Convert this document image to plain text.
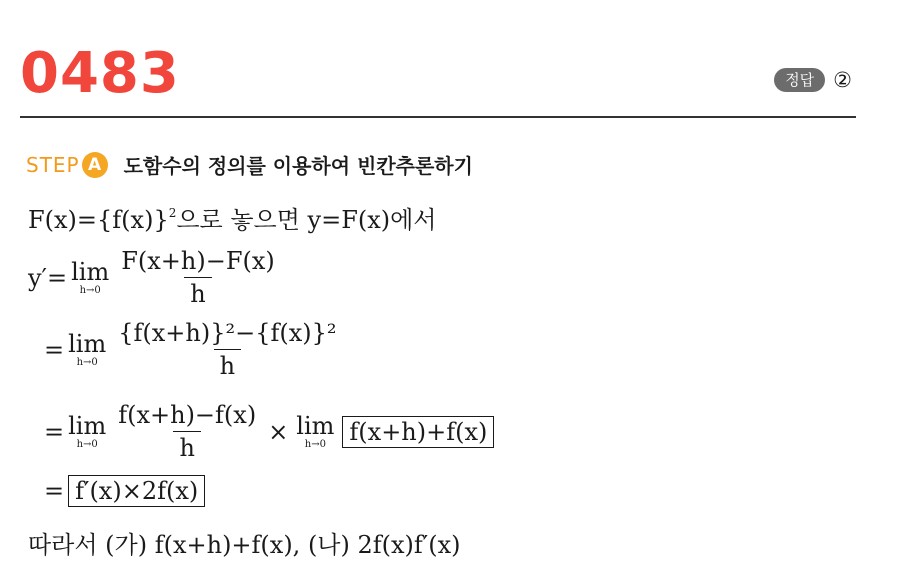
0483	정답 ②
STEP A	도함수의 정의를 이용하여 빈칸추론하기
$F(x)=\{f(x)\}^2$으로 놓으면 y=F(x)에서
y′= lim
$h\to 0 \frac{F(x+h)-F(x)}{h}$
= lim
$h\to 0 \frac{\text{\{f(x+h)\}²−\{f(x)\}²}}{h}$
= lim
$h\to 0 \frac{f(x+h)-f(x)}{h} \times \lim$
h→0 f(x+h)+f(x)
= f′(x)×2f(x)
따라서 (가) f(x+h)+f(x), (나) 2f(x)f′(x)
